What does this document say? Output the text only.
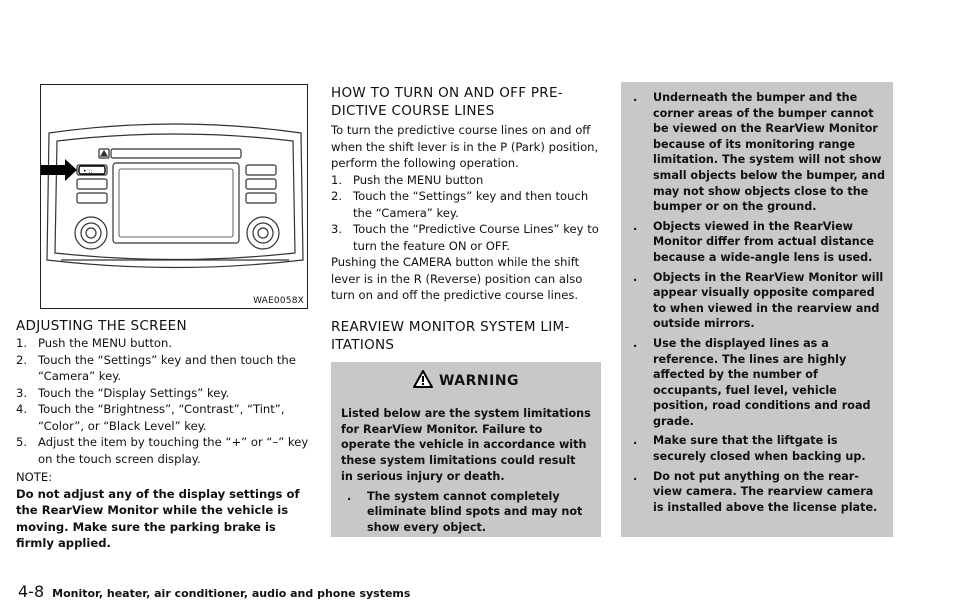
• ::
WAE0058X
ADJUSTING THE SCREEN
1. Push the MENU button.
2. Touch the “Settings” key and then touch the “Camera” key.
3. Touch the “Display Settings” key.
4. Touch the “Brightness”, “Contrast”, “Tint”, “Color”, or “Black Level” key.
5. Adjust the item by touching the “+” or “–” key on the touch screen display.
NOTE:
Do not adjust any of the display settings of the RearView Monitor while the vehicle is moving. Make sure the parking brake is firmly applied.
HOW TO TURN ON AND OFF PRE-
DICTIVE COURSE LINES
To turn the predictive course lines on and off when the shift lever is in the P (Park) position, perform the following operation.
1. Push the MENU button
2. Touch the “Settings” key and then touch the “Camera” key.
3. Touch the “Predictive Course Lines” key to turn the feature ON or OFF.
Pushing the CAMERA button while the shift lever is in the R (Reverse) position can also turn on and off the predictive course lines.
REARVIEW MONITOR SYSTEM LIM-
ITATIONS
WARNING
Listed below are the system limitations for RearView Monitor. Failure to operate the vehicle in accordance with these system limitations could result in serious injury or death.
. The system cannot completely eliminate blind spots and may not show every object.
. Underneath the bumper and the corner areas of the bumper cannot be viewed on the RearView Monitor because of its monitoring range limitation. The system will not show small objects below the bumper, and may not show objects close to the bumper or on the ground.
. Objects viewed in the RearView Monitor differ from actual distance because a wide-angle lens is used.
. Objects in the RearView Monitor will appear visually opposite compared to when viewed in the rearview and outside mirrors.
. Use the displayed lines as a reference. The lines are highly affected by the number of occupants, fuel level, vehicle position, road conditions and road grade.
. Make sure that the liftgate is securely closed when backing up.
. Do not put anything on the rear-view camera. The rearview camera is installed above the license plate.
4-8 Monitor, heater, air conditioner, audio and phone systems
